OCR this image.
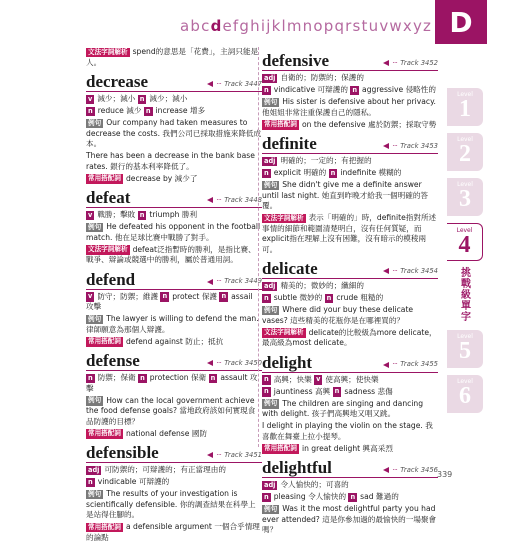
abcdefghijklmnopqrstuvwxyz D
文法字詞解析 spend的意思是「花費」，主詞只能是人。
decrease	··· Track 3447
v 減少；減小 n 減少；減小
n reduce 減少 n increase 增多
例句 Our company had taken measures to decrease the costs. 我們公司已採取措施來降低成本。
There has been a decrease in the bank base rates. 銀行的基本利率降低了。
常用搭配詞 decrease by 減少了
defeat	··· Track 3448
v 戰勝；擊敗 n triumph 勝利
例句 He defeated his opponent in the football match. 他在足球比賽中戰勝了對手。
文法字詞解析 defeat泛指暫時的勝利，是指比賽、戰爭、辯論或競選中的勝利，屬於普通用詞。
defend	··· Track 3449
v 防守；防禦；維護 n protect 保護 n assail 攻擊
例句 The lawyer is willing to defend the man. 律師願意為那個人辯護。
常用搭配詞 defend against 防止；抵抗
defense	··· Track 3450
n 防禦；保衛 n protection 保衛 n assault 攻擊
例句 How can the local government achieve the food defense goals? 當地政府該如何實現食品防護的目標？
常用搭配詞 national defense 國防
defensible	··· Track 3451
adj 可防禦的；可辯護的；有正當理由的
n vindicable 可辯護的
例句 The results of your investigation is scientifically defensible. 你的調查結果在科學上是站得住腳的。
常用搭配詞 a defensible argument 一個合乎情理的論點
defensive	··· Track 3452
adj 自衛的；防禦的；保護的
n vindicative 可辯護的 n aggressive 侵略性的
例句 His sister is defensive about her privacy. 他姐姐非常注重保護自己的隱私。
常用搭配詞 on the defensive 處於防禦；採取守勢
definite	··· Track 3453
adj 明確的；一定的；有把握的
n explicit 明確的 n indefinite 模糊的
例句 She didn't give me a definite answer until last night. 她直到昨晚才給我一個明確的答覆。
文法字詞解析 表示「明確的」時，definite指對所述事情的細節和範圍清楚明白，沒有任何質疑，而explicit指在理解上沒有困難，沒有暗示的模稜兩可。
delicate	··· Track 3454
adj 精美的；微妙的；纖細的
n subtle 微妙的 n crude 粗糙的
例句 Where did your buy these delicate vases? 這些精美的花瓶你是在哪裡買的？
文法字詞解析 delicate的比較級為more delicate，最高級為most delicate。
delight	··· Track 3455
n 高興；快樂 v 使高興；使快樂
n jauntiness 高興 n sadness 悲傷
例句 The children are singing and dancing with delight. 孩子們高興地又唱又跳。
I delight in playing the violin on the stage. 我喜歡在舞臺上拉小提琴。
常用搭配詞 in great delight 興高采烈
delightful	··· Track 3456
adj 令人愉快的；可喜的
n pleasing 令人愉快的 n sad 難過的
例句 Was it the most delightful party you had ever attended? 這是你參加過的最愉快的一場聚會嗎？
Level
1
Level
2
Level
3
Level
4
挑戰級單字
Level
5
Level
6
339
